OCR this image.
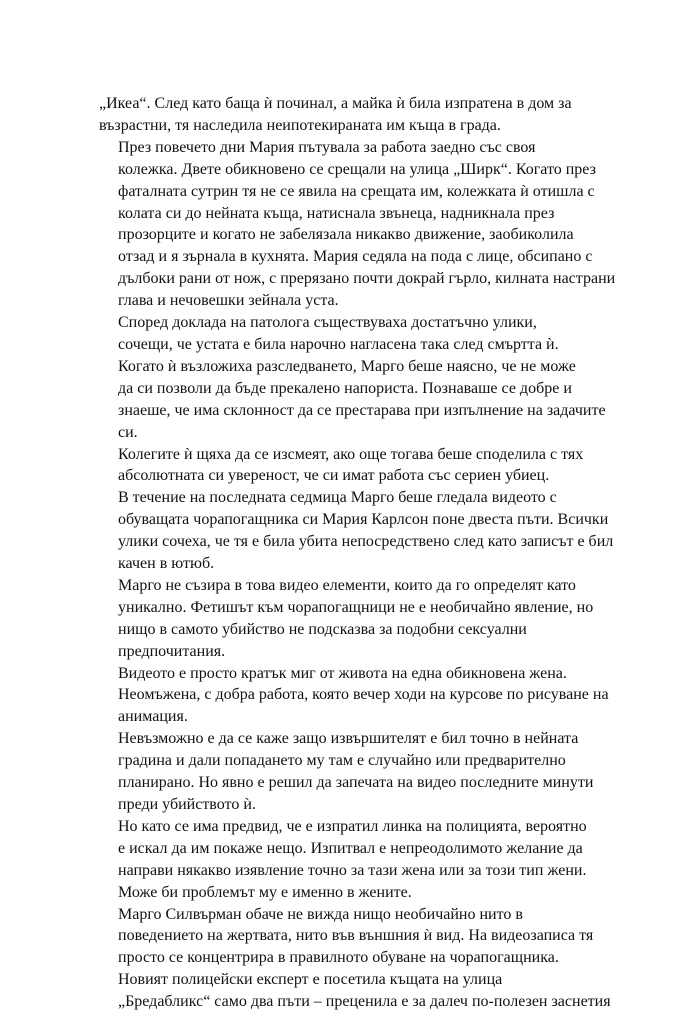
„Икеа“. След като баща ѝ починал, а майка ѝ била изпратена в дом за
възрастни, тя наследила неипотекираната им къща в града.

През повечето дни Мария пътувала за работа заедно със своя
колежка. Двете обикновено се срещали на улица „Ширк“. Когато през
фаталната сутрин тя не се явила на срещата им, колежката ѝ отишла с
колата си до нейната къща, натиснала звънеца, надникнала през
прозорците и когато не забелязала никакво движение, заобиколила
отзад и я зърнала в кухнята. Мария седяла на пода с лице, обсипано с
дълбоки рани от нож, с прерязано почти докрай гърло, килната настрани
глава и нечовешки зейнала уста.

Според доклада на патолога съществуваха достатъчно улики,
сочещи, че устата е била нарочно нагласена така след смъртта ѝ.

Когато ѝ възложиха разследването, Марго беше наясно, че не може
да си позволи да бъде прекалено напориста. Познаваше се добре и
знаеше, че има склонност да се престарава при изпълнение на задачите
си.

Колегите ѝ щяха да се изсмеят, ако още тогава беше споделила с тях
абсолютната си увереност, че си имат работа със сериен убиец.

В течение на последната седмица Марго беше гледала видеото с
обуващата чорапогащника си Мария Карлсон поне двеста пъти. Всички
улики сочеха, че тя е била убита непосредствено след като записът е бил
качен в ютюб.

Марго не съзира в това видео елементи, които да го определят като
уникално. Фетишът към чорапогащници не е необичайно явление, но
нищо в самото убийство не подсказва за подобни сексуални
предпочитания.

Видеото е просто кратък миг от живота на една обикновена жена.
Неомъжена, с добра работа, която вечер ходи на курсове по рисуване на
анимация.

Невъзможно е да се каже защо извършителят е бил точно в нейната
градина и дали попадането му там е случайно или предварително
планирано. Но явно е решил да запечата на видео последните минути
преди убийството ѝ.

Но като се има предвид, че е изпратил линка на полицията, вероятно
е искал да им покаже нещо. Изпитвал е непреодолимото желание да
направи някакво изявление точно за тази жена или за този тип жени.
Може би проблемът му е именно в жените.

Марго Силвърман обаче не вижда нищо необичайно нито в
поведението на жертвата, нито във външния ѝ вид. На видеозаписа тя
просто се концентрира в правилното обуване на чорапогащника.

Новият полицейски експерт е посетила къщата на улица
„Бредабликс“ само два пъти – преценила е за далеч по-полезен заснетия
